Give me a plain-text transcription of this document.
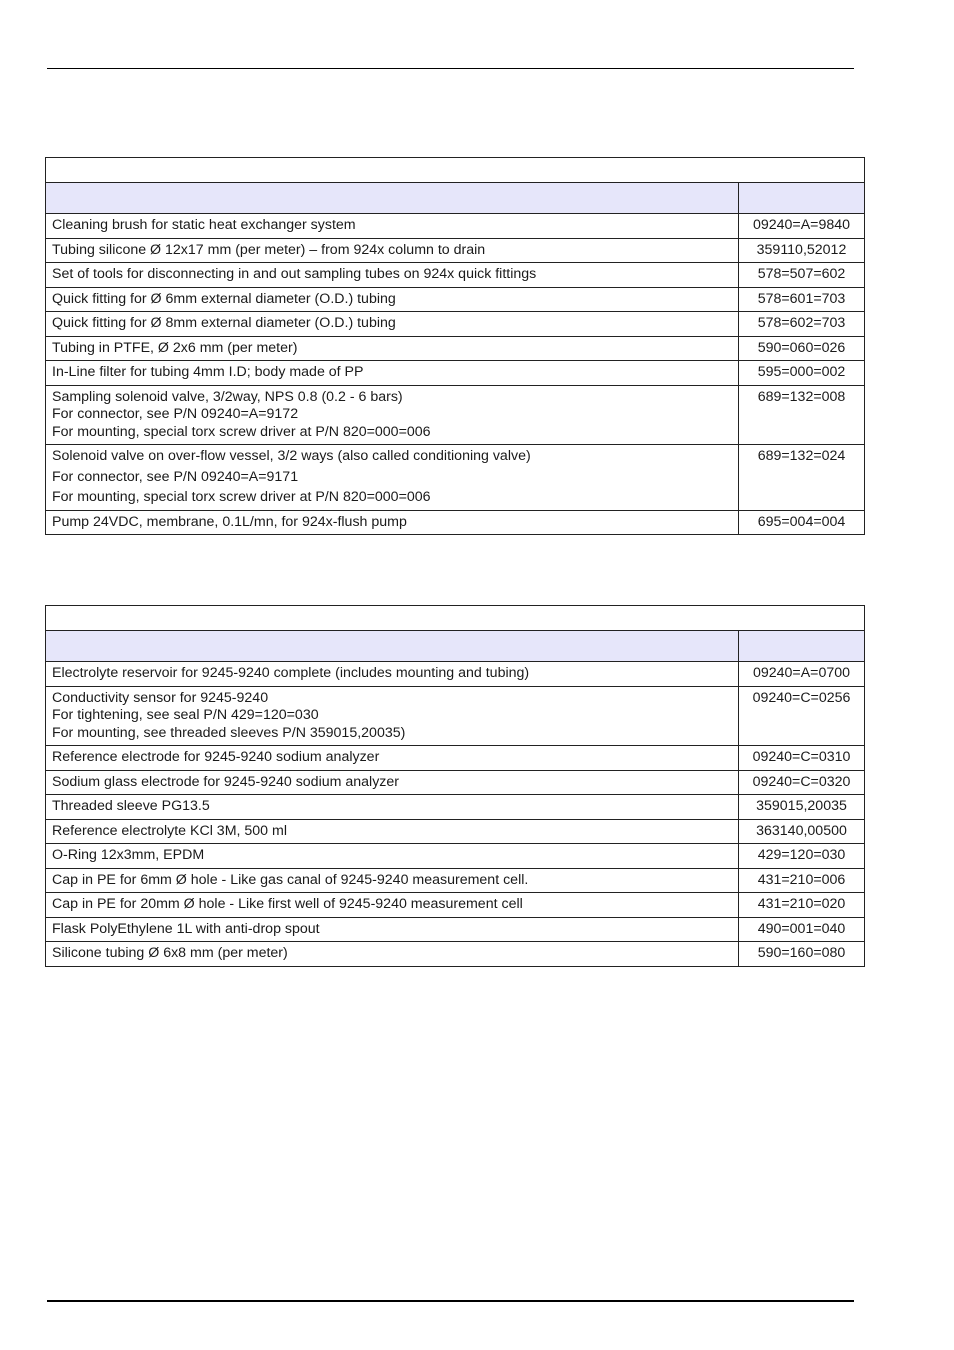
Cleaning brush for static heat exchanger system	09240=A=9840

Tubing silicone Ø 12x17 mm (per meter) – from 924x column to drain	359110,52012

Set of tools for disconnecting in and out sampling tubes on 924x quick fittings	578=507=602

Quick fitting for Ø 6mm external diameter (O.D.) tubing	578=601=703

Quick fitting for Ø 8mm external diameter (O.D.) tubing	578=602=703

Tubing in PTFE, Ø 2x6 mm (per meter)	590=060=026

In-Line filter for tubing 4mm I.D; body made of PP	595=000=002

Sampling solenoid valve, 3/2way, NPS 0.8 (0.2 - 6 bars)
For connector, see P/N 09240=A=9172
For mounting, special torx screw driver at P/N 820=000=006	689=132=008

Solenoid valve on over-flow vessel, 3/2 ways (also called conditioning valve)
For connector, see P/N 09240=A=9171
For mounting, special torx screw driver at P/N 820=000=006	689=132=024

Pump 24VDC, membrane, 0.1L/mn, for 924x-flush pump	695=004=004

Electrolyte reservoir for 9245-9240 complete (includes mounting and tubing)	09240=A=0700

Conductivity sensor for 9245-9240
For tightening, see seal P/N 429=120=030
For mounting, see threaded sleeves P/N 359015,20035)	09240=C=0256

Reference electrode for 9245-9240 sodium analyzer	09240=C=0310

Sodium glass electrode for 9245-9240 sodium analyzer	09240=C=0320

Threaded sleeve PG13.5	359015,20035

Reference electrolyte KCl 3M, 500 ml	363140,00500

O-Ring 12x3mm, EPDM	429=120=030

Cap in PE for 6mm Ø hole - Like gas canal of 9245-9240 measurement cell.	431=210=006

Cap in PE for 20mm Ø hole - Like first well of 9245-9240 measurement cell	431=210=020

Flask PolyEthylene 1L with anti-drop spout	490=001=040

Silicone tubing Ø 6x8 mm (per meter)	590=160=080
